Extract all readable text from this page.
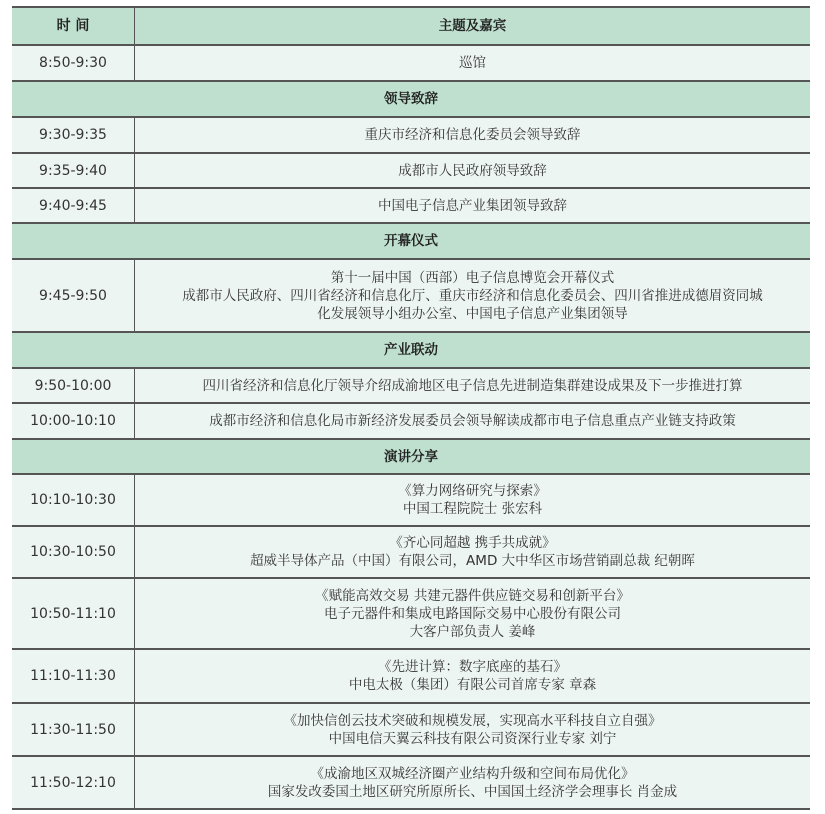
时 间	主题及嘉宾
8:50-9:30	巡馆

领导致辞	
9:30-9:35	重庆市经济和信息化委员会领导致辞

9:35-9:40	成都市人民政府领导致辞

9:40-9:45	中国电子信息产业集团领导致辞

开幕仪式	
9:45-9:50	第十一届中国（西部）电子信息博览会开幕仪式
成都市人民政府、四川省经济和信息化厅、重庆市经济和信息化委员会、四川省推进成德眉资同城
化发展领导小组办公室、中国电子信息产业集团领导

产业联动	
9:50-10:00	四川省经济和信息化厅领导介绍成渝地区电子信息先进制造集群建设成果及下一步推进打算

10:00-10:10	成都市经济和信息化局市新经济发展委员会领导解读成都市电子信息重点产业链支持政策

演讲分享	
10:10-10:30	《算力网络研究与探索》
中国工程院院士 张宏科

10:30-10:50	《齐心同超越 携手共成就》
超威半导体产品（中国）有限公司，AMD 大中华区市场营销副总裁 纪朝晖

10:50-11:10	《赋能高效交易 共建元器件供应链交易和创新平台》
电子元器件和集成电路国际交易中心股份有限公司
大客户部负责人 姜峰

11:10-11:30	《先进计算：数字底座的基石》
中电太极（集团）有限公司首席专家 章森

11:30-11:50	《加快信创云技术突破和规模发展，实现高水平科技自立自强》
中国电信天翼云科技有限公司资深行业专家 刘宁

11:50-12:10	《成渝地区双城经济圈产业结构升级和空间布局优化》
国家发改委国土地区研究所原所长、中国国土经济学会理事长 肖金成
